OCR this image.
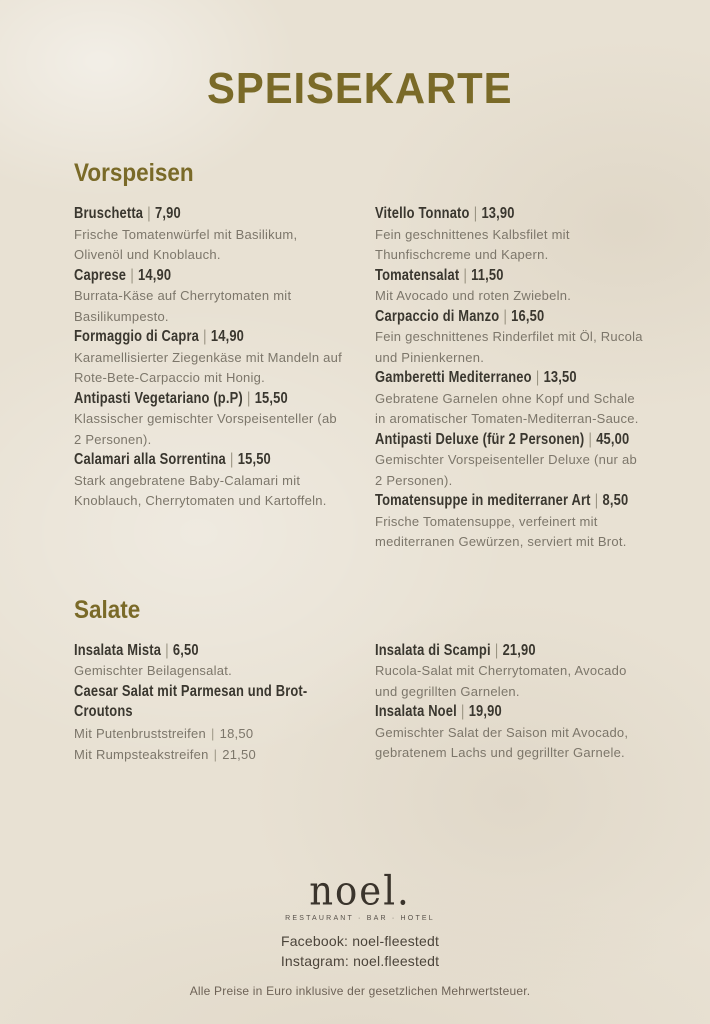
SPEISEKARTE
Vorspeisen
Bruschetta | 7,90
Frische Tomatenwürfel mit Basilikum, Olivenöl und Knoblauch.
Caprese | 14,90
Burrata-Käse auf Cherrytomaten mit Basilikumpesto.
Formaggio di Capra | 14,90
Karamellisierter Ziegenkäse mit Mandeln auf Rote-Bete-Carpaccio mit Honig.
Antipasti Vegetariano (p.P) | 15,50
Klassischer gemischter Vorspeisenteller (ab 2 Personen).
Calamari alla Sorrentina | 15,50
Stark angebratene Baby-Calamari mit Knoblauch, Cherrytomaten und Kartoffeln.
Vitello Tonnato | 13,90
Fein geschnittenes Kalbsfilet mit Thunfischcreme und Kapern.
Tomatensalat | 11,50
Mit Avocado und roten Zwiebeln.
Carpaccio di Manzo | 16,50
Fein geschnittenes Rinderfilet mit Öl, Rucola und Pinienkernen.
Gamberetti Mediterraneo | 13,50
Gebratene Garnelen ohne Kopf und Schale in aromatischer Tomaten-Mediterran-Sauce.
Antipasti Deluxe (für 2 Personen) | 45,00
Gemischter Vorspeisenteller Deluxe (nur ab 2 Personen).
Tomatensuppe in mediterraner Art | 8,50
Frische Tomatensuppe, verfeinert mit mediterranen Gewürzen, serviert mit Brot.
Salate
Insalata Mista | 6,50
Gemischter Beilagensalat.
Caesar Salat mit Parmesan und Brot-Croutons
Mit Putenbruststreifen | 18,50
Mit Rumpsteakstreifen | 21,50
Insalata di Scampi | 21,90
Rucola-Salat mit Cherrytomaten, Avocado und gegrillten Garnelen.
Insalata Noel | 19,90
Gemischter Salat der Saison mit Avocado, gebratenem Lachs und gegrillter Garnele.
noel.
RESTAURANT · BAR · HOTEL
Facebook: noel-fleestedt
Instagram: noel.fleestedt
Alle Preise in Euro inklusive der gesetzlichen Mehrwertsteuer.
